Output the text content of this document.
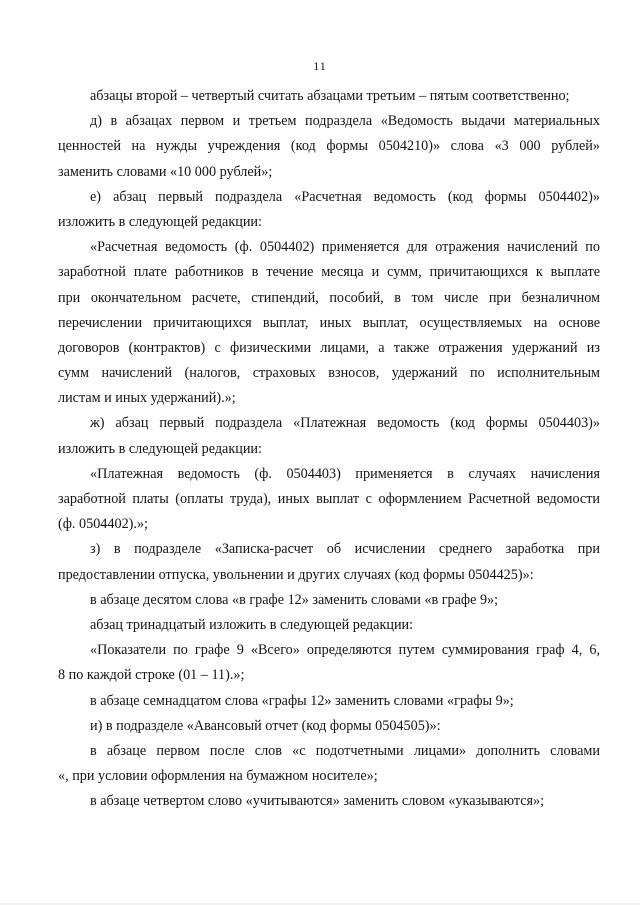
11
абзацы второй – четвертый считать абзацами третьим – пятым соответственно;
д) в абзацах первом и третьем подраздела «Ведомость выдачи материальных
ценностей на нужды учреждения (код формы 0504210)» слова «3 000 рублей»
заменить словами «10 000 рублей»;
е) абзац первый подраздела «Расчетная ведомость (код формы 0504402)»
изложить в следующей редакции:
«Расчетная ведомость (ф. 0504402) применяется для отражения начислений по
заработной плате работников в течение месяца и сумм, причитающихся к выплате
при окончательном расчете, стипендий, пособий, в том числе при безналичном
перечислении причитающихся выплат, иных выплат, осуществляемых на основе
договоров (контрактов) с физическими лицами, а также отражения удержаний из
сумм начислений (налогов, страховых взносов, удержаний по исполнительным
листам и иных удержаний).»;
ж) абзац первый подраздела «Платежная ведомость (код формы 0504403)»
изложить в следующей редакции:
«Платежная ведомость (ф. 0504403) применяется в случаях начисления
заработной платы (оплаты труда), иных выплат с оформлением Расчетной ведомости
(ф. 0504402).»;
з) в подразделе «Записка-расчет об исчислении среднего заработка при
предоставлении отпуска, увольнении и других случаях (код формы 0504425)»:
в абзаце десятом слова «в графе 12» заменить словами «в графе 9»;
абзац тринадцатый изложить в следующей редакции:
«Показатели по графе 9 «Всего» определяются путем суммирования граф 4, 6,
8 по каждой строке (01 – 11).»;
в абзаце семнадцатом слова «графы 12» заменить словами «графы 9»;
и) в подразделе «Авансовый отчет (код формы 0504505)»:
в абзаце первом после слов «с подотчетными лицами» дополнить словами
«, при условии оформления на бумажном носителе»;
в абзаце четвертом слово «учитываются» заменить словом «указываются»;
